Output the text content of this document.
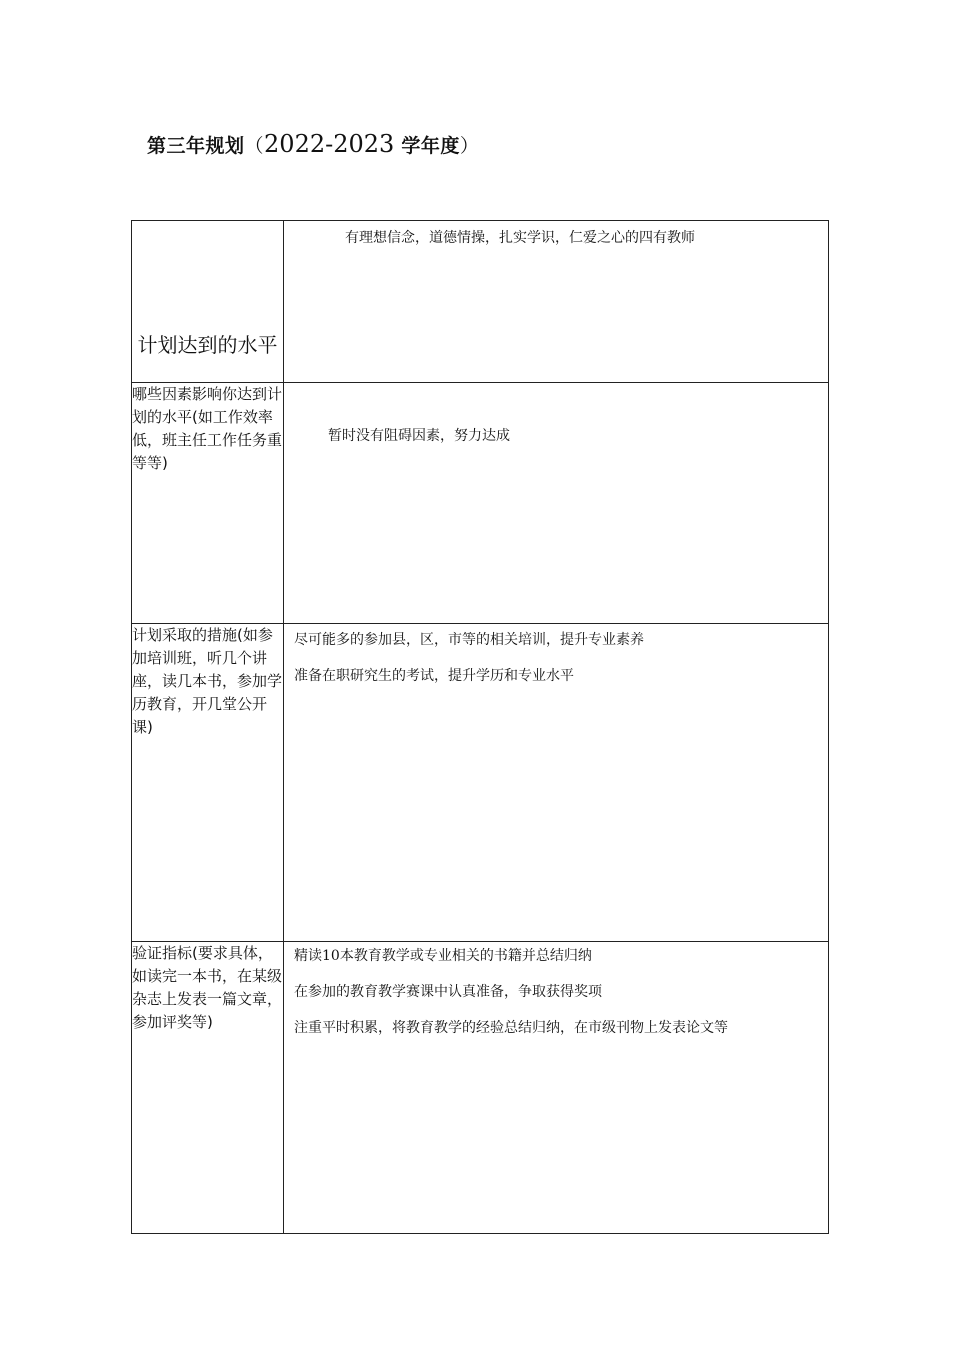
第三年规划（2022-2023 学年度）
计划达到的水平	有理想信念，道德情操，扎实学识，仁爱之心的四有教师

哪些因素影响你达到计划的水平(如工作效率低，班主任工作任务重等等)	暂时没有阻碍因素，努力达成

计划采取的措施(如参加培训班，听几个讲座，读几本书，参加学历教育，开几堂公开课)	尽可能多的参加县，区，市等的相关培训，提升专业素养
准备在职研究生的考试，提升学历和专业水平

验证指标(要求具体，如读完一本书，在某级杂志上发表一篇文章，参加评奖等)	精读10本教育教学或专业相关的书籍并总结归纳
在参加的教育教学赛课中认真准备，争取获得奖项
注重平时积累，将教育教学的经验总结归纳，在市级刊物上发表论文等
